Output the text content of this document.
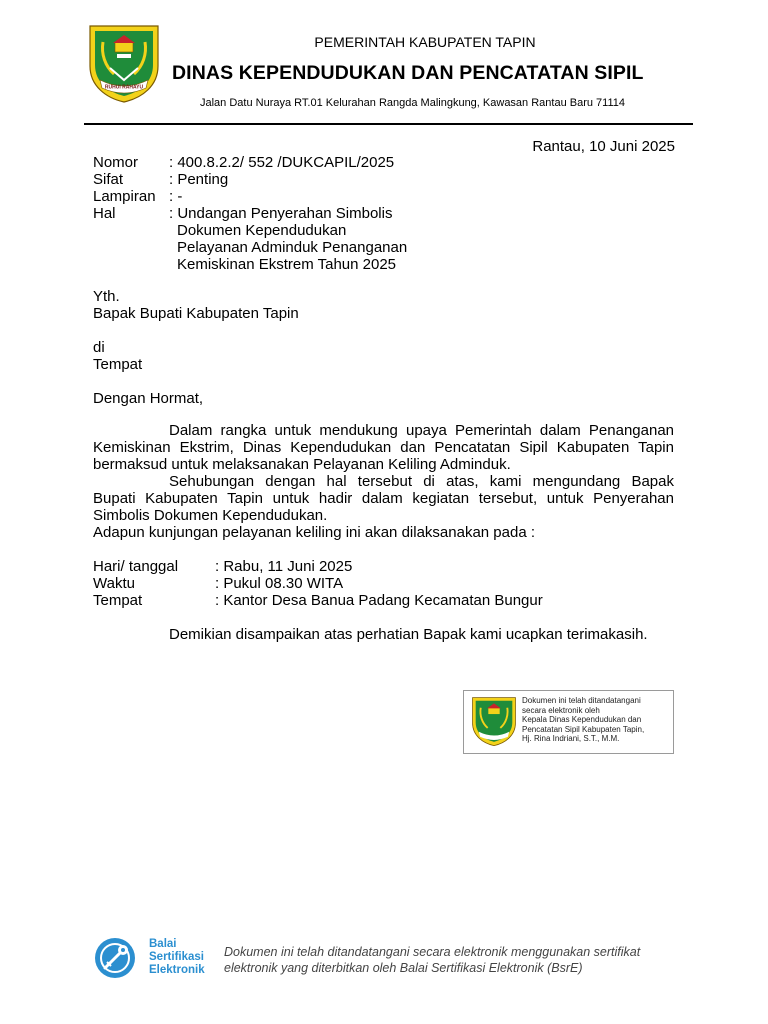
RUHUI RAHAYU
PEMERINTAH KABUPATEN TAPIN
DINAS KEPENDUDUKAN DAN PENCATATAN SIPIL
Jalan Datu Nuraya RT.01 Kelurahan Rangda Malingkung, Kawasan Rantau Baru 71114
Rantau, 10 Juni 2025
Nomor : 400.8.2.2/ 552 /DUKCAPIL/2025
Sifat	: Penting
Lampiran : -
Hal	: Undangan Penyerahan Simbolis
Dokumen Kependudukan
Pelayanan Adminduk Penanganan
Kemiskinan Ekstrem Tahun 2025
Yth.
Bapak Bupati Kabupaten Tapin
di
Tempat
Dengan Hormat,
Dalam rangka untuk mendukung upaya Pemerintah dalam Penanganan
Kemiskinan Ekstrim, Dinas Kependudukan dan Pencatatan Sipil Kabupaten Tapin
bermaksud untuk melaksanakan Pelayanan Keliling Adminduk.
Sehubungan dengan hal tersebut di atas, kami mengundang Bapak
Bupati Kabupaten Tapin untuk hadir dalam kegiatan tersebut, untuk Penyerahan
Simbolis Dokumen Kependudukan.
Adapun kunjungan pelayanan keliling ini akan dilaksanakan pada :
Hari/ tanggal : Rabu, 11 Juni 2025
Waktu	: Pukul 08.30 WITA
Tempat	: Kantor Desa Banua Padang Kecamatan Bungur
Demikian disampaikan atas perhatian Bapak kami ucapkan terimakasih.
Dokumen ini telah ditandatangani
secara elektronik oleh
Kepala Dinas Kependudukan dan
Pencatatan Sipil Kabupaten Tapin,
Hj. Rina Indriani, S.T., M.M.
Balai
Sertifikasi
Elektronik
Dokumen ini telah ditandatangani secara elektronik menggunakan sertifikat
elektronik yang diterbitkan oleh Balai Sertifikasi Elektronik (BsrE)
